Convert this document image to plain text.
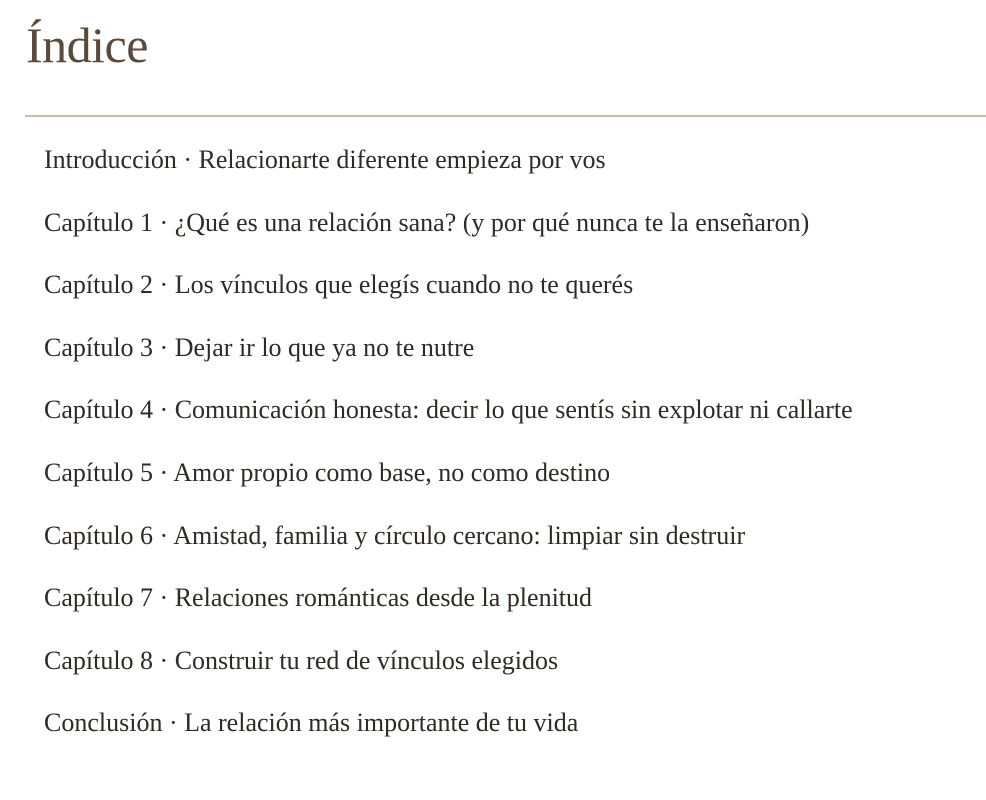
Índice
Introducción · Relacionarte diferente empieza por vos
Capítulo 1 · ¿Qué es una relación sana? (y por qué nunca te la enseñaron)
Capítulo 2 · Los vínculos que elegís cuando no te querés
Capítulo 3 · Dejar ir lo que ya no te nutre
Capítulo 4 · Comunicación honesta: decir lo que sentís sin explotar ni callarte
Capítulo 5 · Amor propio como base, no como destino
Capítulo 6 · Amistad, familia y círculo cercano: limpiar sin destruir
Capítulo 7 · Relaciones románticas desde la plenitud
Capítulo 8 · Construir tu red de vínculos elegidos
Conclusión · La relación más importante de tu vida
